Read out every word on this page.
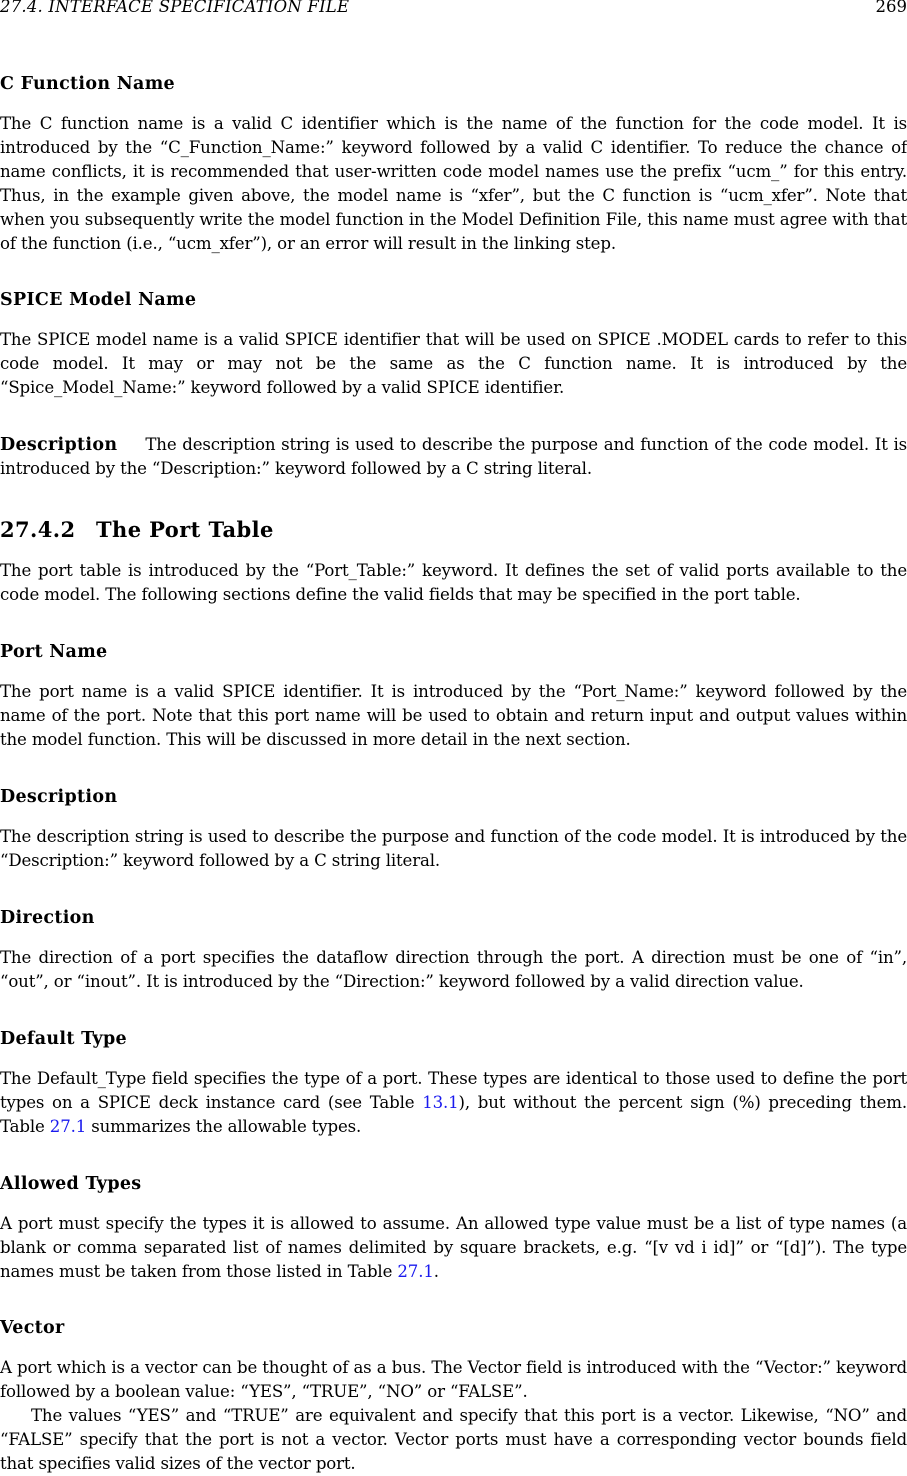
27.4. INTERFACE SPECIFICATION FILE	269
C Function Name
The C function name is a valid C identifier which is the name of the function for the code model. It is introduced by the “C_Function_Name:” keyword followed by a valid C identifier. To reduce the chance of name conflicts, it is recommended that user-written code model names use the prefix “ucm_” for this entry. Thus, in the example given above, the model name is “xfer”, but the C function is “ucm_xfer”. Note that when you subsequently write the model function in the Model Definition File, this name must agree with that of the function (i.e., “ucm_xfer”), or an error will result in the linking step.
SPICE Model Name
The SPICE model name is a valid SPICE identifier that will be used on SPICE .MODEL cards to refer to this code model. It may or may not be the same as the C function name. It is introduced by the “Spice_Model_Name:” keyword followed by a valid SPICE identifier.
Description The description string is used to describe the purpose and function of the code model. It is introduced by the “Description:” keyword followed by a C string literal.
27.4.2 The Port Table
The port table is introduced by the “Port_Table:” keyword. It defines the set of valid ports available to the code model. The following sections define the valid fields that may be specified in the port table.
Port Name
The port name is a valid SPICE identifier. It is introduced by the “Port_Name:” keyword followed by the name of the port. Note that this port name will be used to obtain and return input and output values within the model function. This will be discussed in more detail in the next section.
Description
The description string is used to describe the purpose and function of the code model. It is introduced by the “Description:” keyword followed by a C string literal.
Direction
The direction of a port specifies the dataflow direction through the port. A direction must be one of “in”, “out”, or “inout”. It is introduced by the “Direction:” keyword followed by a valid direction value.
Default Type
The Default_Type field specifies the type of a port. These types are identical to those used to define the port types on a SPICE deck instance card (see Table 13.1), but without the percent sign (%) preceding them. Table 27.1 summarizes the allowable types.
Allowed Types
A port must specify the types it is allowed to assume. An allowed type value must be a list of type names (a blank or comma separated list of names delimited by square brackets, e.g. “[v vd i id]” or “[d]”). The type names must be taken from those listed in Table 27.1.
Vector
A port which is a vector can be thought of as a bus. The Vector field is introduced with the “Vector:” keyword followed by a boolean value: “YES”, “TRUE”, “NO” or “FALSE”.
The values “YES” and “TRUE” are equivalent and specify that this port is a vector. Likewise, “NO” and “FALSE” specify that the port is not a vector. Vector ports must have a corresponding vector bounds field that specifies valid sizes of the vector port.
